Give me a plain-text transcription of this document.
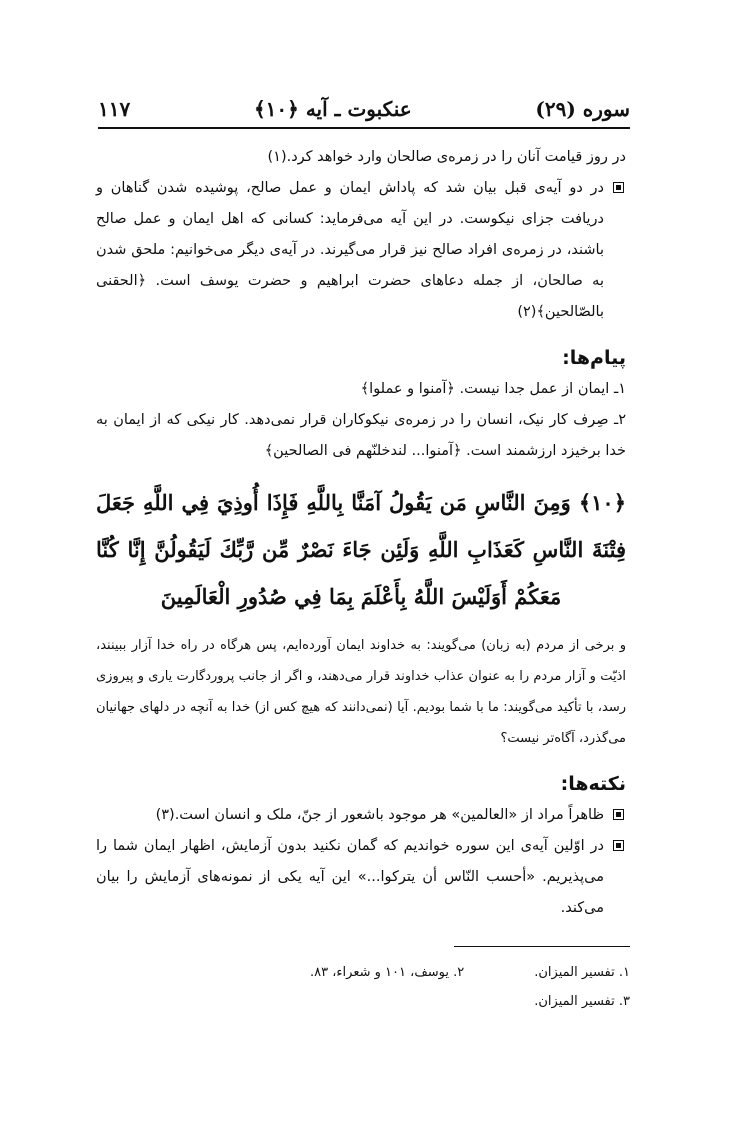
سوره (۲۹)
عنکبوت ـ آیه ﴿۱۰﴾
۱۱۷

در روز قیامت آنان را در زمره‌ی صالحان وارد خواهد کرد.(۱)

در دو آیه‌ی قبل بیان شد که پاداش ایمان و عمل صالح، پوشیده شدن گناهان و دریافت جزای نیکوست. در این آیه می‌فرماید: کسانی که اهل ایمان و عمل صالح باشند، در زمره‌ی افراد صالح نیز قرار می‌گیرند. در آیه‌ی دیگر می‌خوانیم: ملحق شدن به صالحان، از جمله دعاهای حضرت ابراهیم و حضرت یوسف است. ﴿الحقنی بالصّالحین﴾(۲)

پیام‌ها:

۱ـ ایمان از عمل جدا نیست. ﴿آمنوا و عملوا﴾

۲ـ صِرف کار نیک، انسان را در زمره‌ی نیکوکاران قرار نمی‌دهد. کار نیکی که از ایمان به خدا برخیزد ارزشمند است. ﴿آمنوا... لندخلنّهم فی الصالحین﴾

﴿۱۰﴾ وَمِنَ النَّاسِ مَن يَقُولُ آمَنَّا بِاللَّهِ فَإِذَا أُوذِيَ فِي اللَّهِ جَعَلَ فِتْنَةَ النَّاسِ كَعَذَابِ اللَّهِ وَلَئِن جَاءَ نَصْرٌ مِّن رَّبِّكَ لَيَقُولُنَّ إِنَّا كُنَّا مَعَكُمْ أَوَلَيْسَ اللَّهُ بِأَعْلَمَ بِمَا فِي صُدُورِ الْعَالَمِينَ

و برخی از مردم (به زبان) می‌گویند: به خداوند ایمان آورده‌ایم، پس هرگاه در راه خدا آزار ببینند، اذیّت و آزار مردم را به عنوان عذاب خداوند قرار می‌دهند، و اگر از جانب پروردگارت یاری و پیروزی رسد، با تأکید می‌گویند: ما با شما بودیم. آیا (نمی‌دانند که هیچ کس از) خدا به آنچه در دلهای جهانیان می‌گذرد، آگاه‌تر نیست؟

نکته‌ها:

ظاهراً مراد از «العالمین» هر موجود باشعور از جنّ، ملک و انسان است.(۳)

در اوّلین آیه‌ی این سوره خواندیم که گمان نکنید بدون آزمایش، اظهار ایمان شما را می‌پذیریم. «أحسب النّاس أن یترکوا...» این آیه یکی از نمونه‌های آزمایش را بیان می‌کند.

۱. تفسیر المیزان.
۲. یوسف، ۱۰۱ و شعراء، ۸۳.
۳. تفسیر المیزان.
